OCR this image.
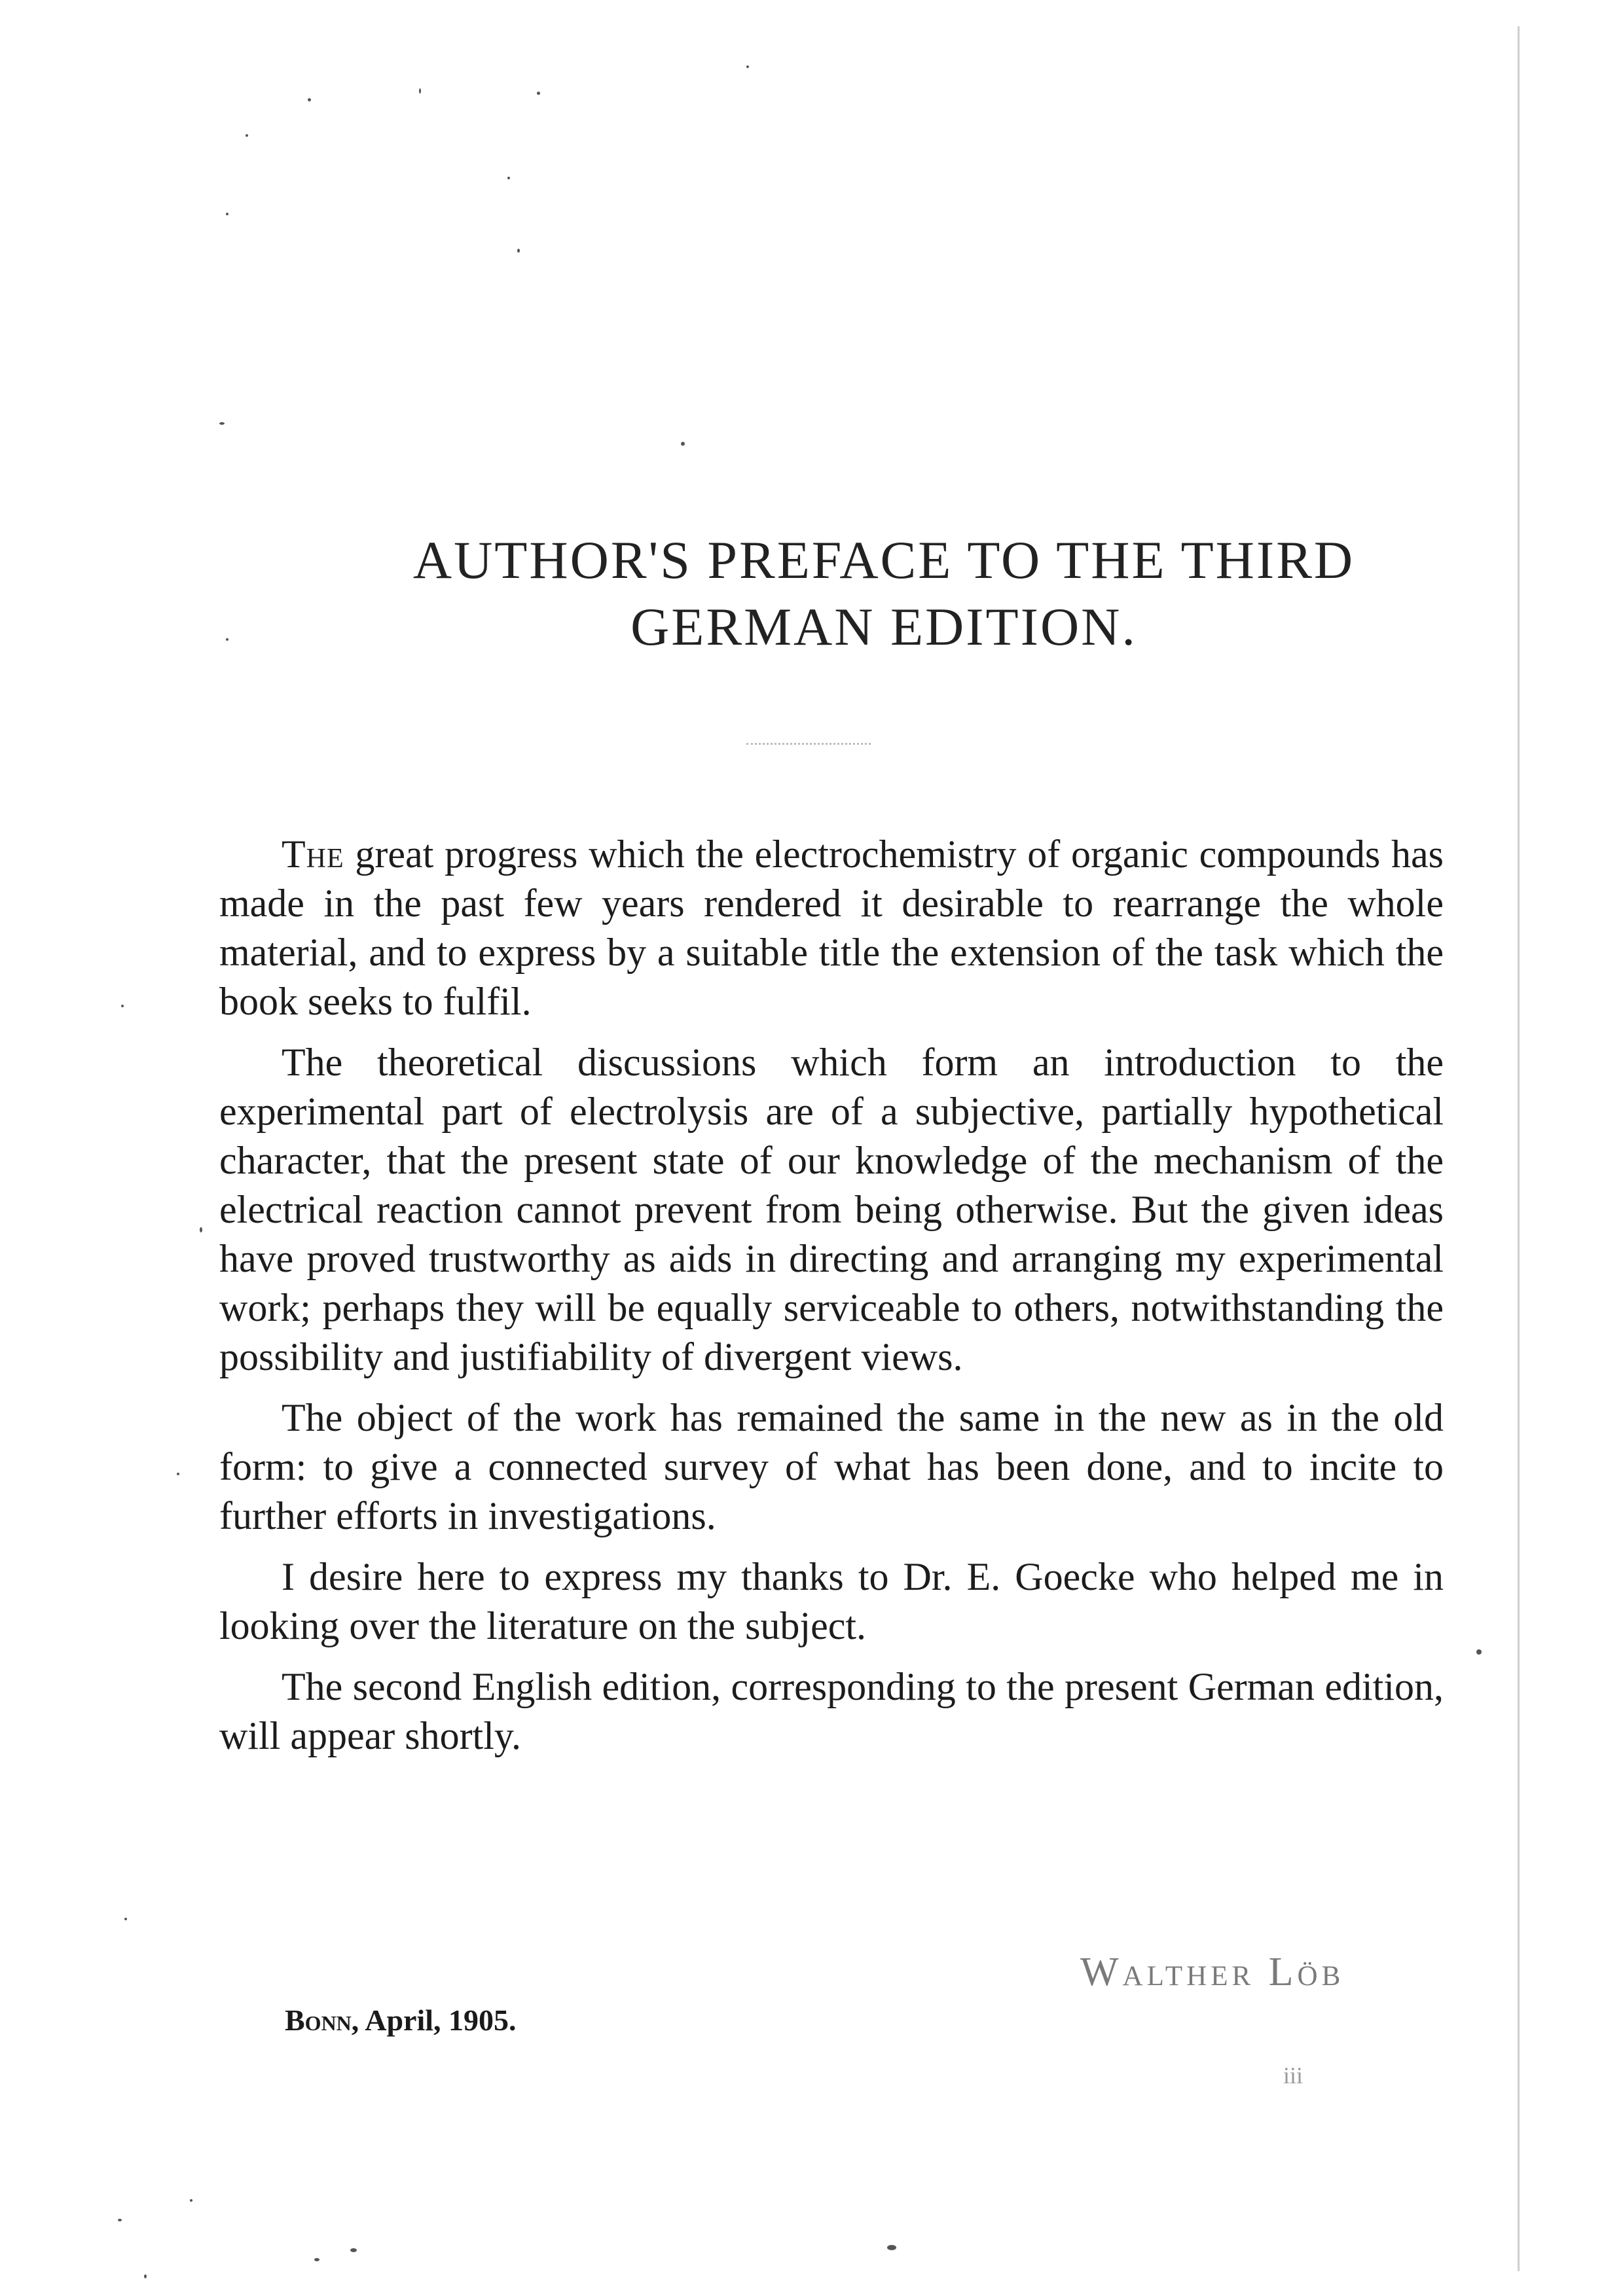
AUTHOR'S PREFACE TO THE THIRD
GERMAN EDITION.

The great progress which the electrochemistry of organic compounds has made in the past few years rendered it desirable to rearrange the whole material, and to express by a suitable title the extension of the task which the book seeks to fulfil.

The theoretical discussions which form an introduction to the experimental part of electrolysis are of a subjective, partially hypothetical character, that the present state of our knowledge of the mechanism of the electrical reaction cannot prevent from being otherwise. But the given ideas have proved trustworthy as aids in directing and arranging my experimental work; perhaps they will be equally serviceable to others, notwithstanding the possibility and justifiability of divergent views.

The object of the work has remained the same in the new as in the old form: to give a connected survey of what has been done, and to incite to further efforts in investigations.

I desire here to express my thanks to Dr. E. Goecke who helped me in looking over the literature on the subject.

The second English edition, corresponding to the present German edition, will appear shortly.

Walther Löb
Bonn, April, 1905.
iii
